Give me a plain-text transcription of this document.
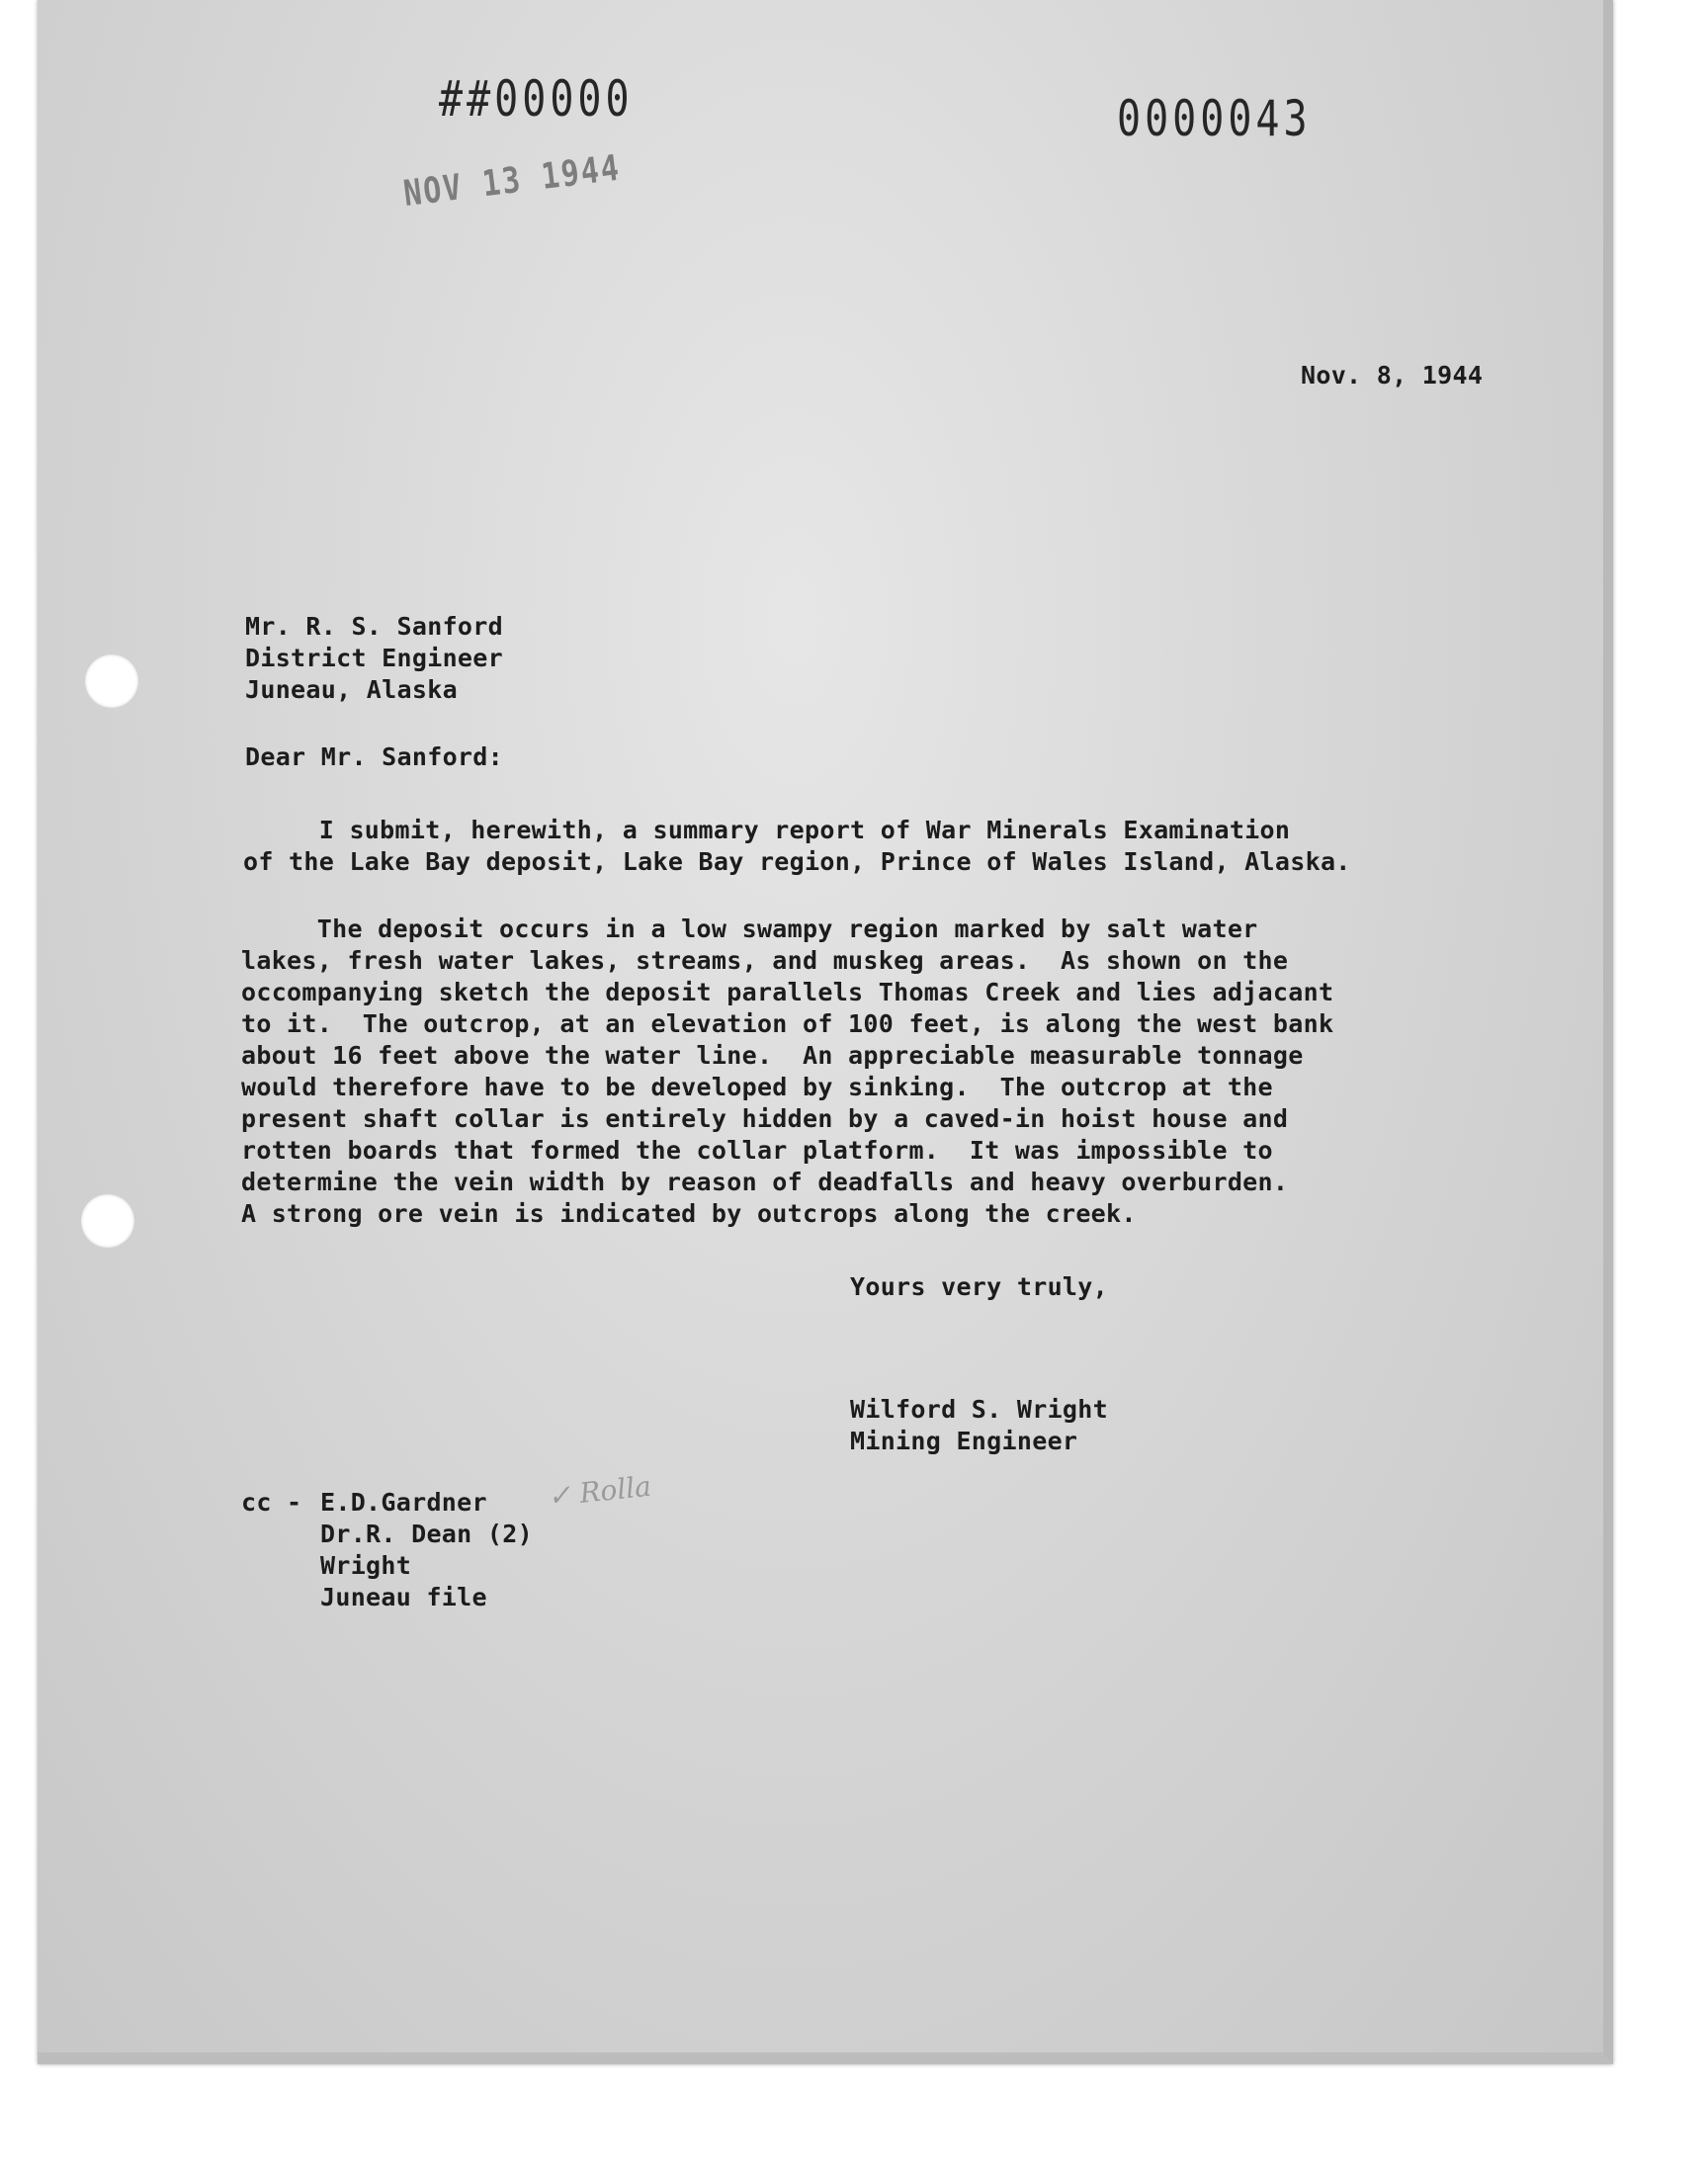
##00000	0000043
NOV 13 1944
Nov. 8, 1944
Mr. R. S. Sanford
District Engineer
Juneau, Alaska
Dear Mr. Sanford:
I submit, herewith, a summary report of War Minerals Examination
of the Lake Bay deposit, Lake Bay region, Prince of Wales Island, Alaska.
The deposit occurs in a low swampy region marked by salt water
lakes, fresh water lakes, streams, and muskeg areas.  As shown on the
occompanying sketch the deposit parallels Thomas Creek and lies adjacant
to it.  The outcrop, at an elevation of 100 feet, is along the west bank
about 16 feet above the water line.  An appreciable measurable tonnage
would therefore have to be developed by sinking.  The outcrop at the
present shaft collar is entirely hidden by a caved-in hoist house and
rotten boards that formed the collar platform.  It was impossible to
determine the vein width by reason of deadfalls and heavy overburden.
A strong ore vein is indicated by outcrops along the creek.
Yours very truly,
Wilford S. Wright
Mining Engineer
cc - E.D.Gardner
Dr.R. Dean (2)
Wright
Juneau file
✓ Rolla
